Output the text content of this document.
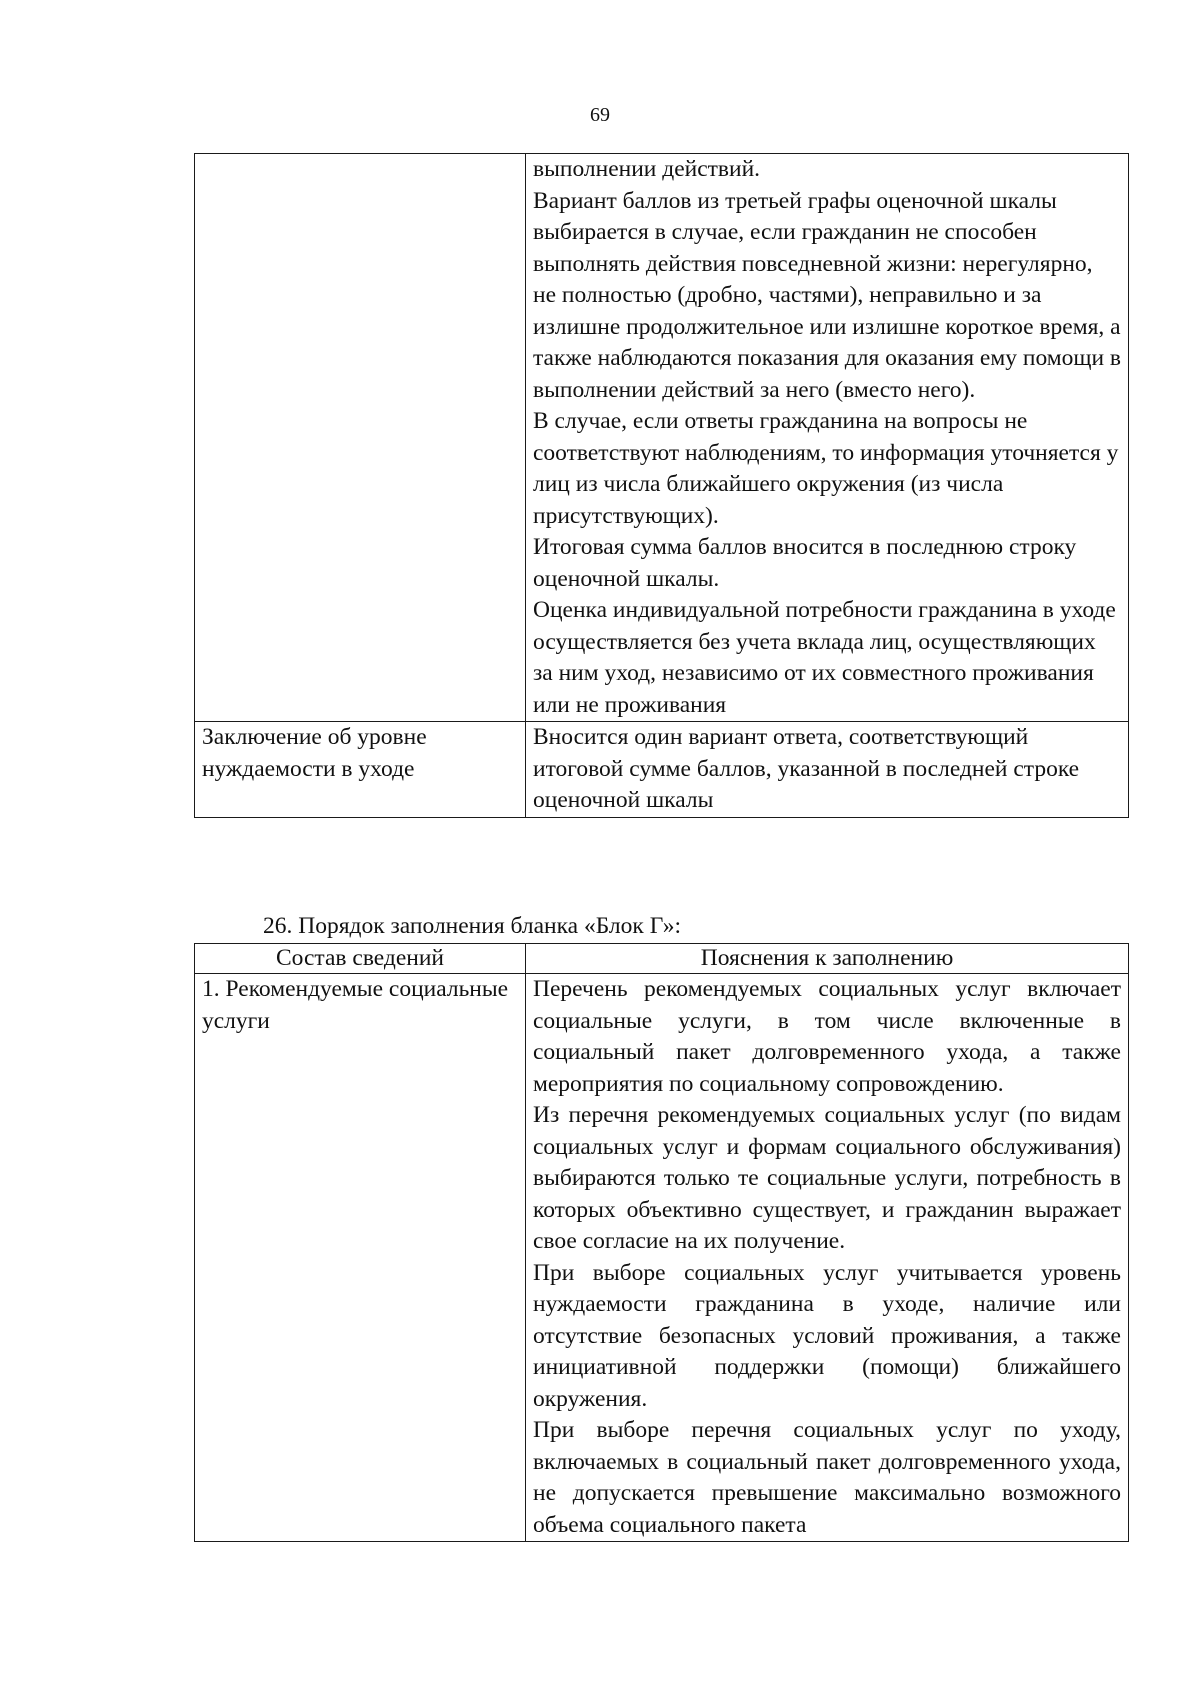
69

	выполнении действий.

Вариант баллов из третьей графы оценочной шкалы выбирается в случае, если гражданин не способен выполнять действия повседневной жизни: нерегулярно, не полностью (дробно, частями), неправильно и за излишне продолжительное или излишне короткое время, а также наблюдаются показания для оказания ему помощи в выполнении действий за него (вместо него).

В случае, если ответы гражданина на вопросы не соответствуют наблюдениям, то информация уточняется у лиц из числа ближайшего окружения (из числа присутствующих).

Итоговая сумма баллов вносится в последнюю строку оценочной шкалы.

Оценка индивидуальной потребности гражданина в уходе осуществляется без учета вклада лиц, осуществляющих за ним уход, независимо от их совместного проживания или не проживания

Заключение об уровне нуждаемости в уходе	Вносится один вариант ответа, соответствующий итоговой сумме баллов, указанной в последней строке оценочной шкалы
26. Порядок заполнения бланка «Блок Г»:
Состав сведений	Пояснения к заполнению
1. Рекомендуемые социальные услуги	Перечень рекомендуемых социальных услуг включает социальные услуги, в том числе включенные в социальный пакет долговременного ухода, а также мероприятия по социальному сопровождению.

Из перечня рекомендуемых социальных услуг (по видам социальных услуг и формам социального обслуживания) выбираются только те социальные услуги, потребность в которых объективно существует, и гражданин выражает свое согласие на их получение.

При выборе социальных услуг учитывается уровень нуждаемости гражданина в уходе, наличие или отсутствие безопасных условий проживания, а также инициативной поддержки (помощи) ближайшего окружения.

При выборе перечня социальных услуг по уходу, включаемых в социальный пакет долговременного ухода, не допускается превышение максимально возможного объема социального пакета
